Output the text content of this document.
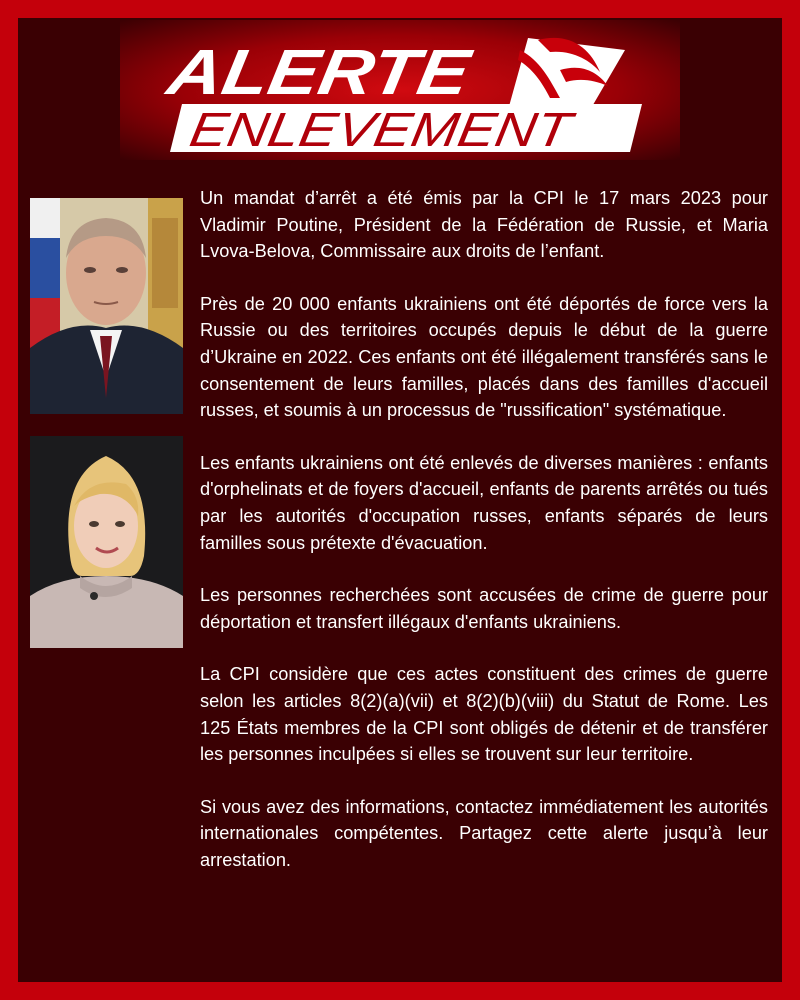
ALERTE
ENLEVEMENT

Un mandat d’arrêt a été émis par la CPI le 17 mars 2023 pour Vladimir Poutine, Président de la Fédération de Russie, et Maria Lvova-Belova, Commissaire aux droits de l’enfant.

Près de 20 000 enfants ukrainiens ont été déportés de force vers la Russie ou des territoires occupés depuis le début de la guerre d’Ukraine en 2022. Ces enfants ont été illégalement transférés sans le consentement de leurs familles, placés dans des familles d'accueil russes, et soumis à un processus de "russification" systématique.

Les enfants ukrainiens ont été enlevés de diverses manières : enfants d'orphelinats et de foyers d'accueil, enfants de parents arrêtés ou tués par les autorités d'occupation russes, enfants séparés de leurs familles sous prétexte d'évacuation.

Les personnes recherchées sont accusées de crime de guerre pour déportation et transfert illégaux d'enfants ukrainiens.

La CPI considère que ces actes constituent des crimes de guerre selon les articles 8(2)(a)(vii) et 8(2)(b)(viii) du Statut de Rome. Les 125 États membres de la CPI sont obligés de détenir et de transférer les personnes inculpées si elles se trouvent sur leur territoire.

Si vous avez des informations, contactez immédiatement les autorités internationales compétentes. Partagez cette alerte jusqu’à leur arrestation.
